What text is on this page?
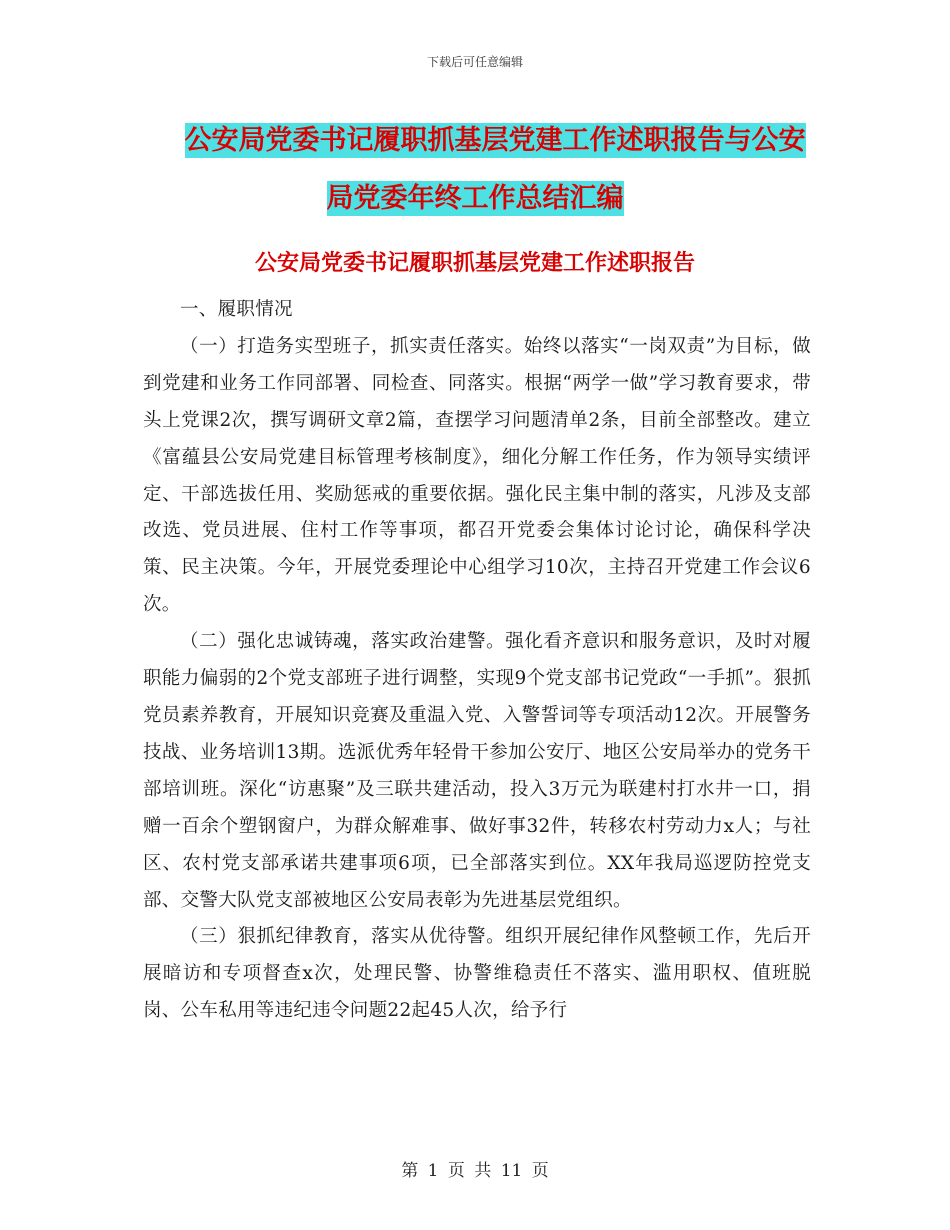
下载后可任意编辑
公安局党委书记履职抓基层党建工作述职报告与公安
局党委年终工作总结汇编
公安局党委书记履职抓基层党建工作述职报告

一、履职情况

（一）打造务实型班子，抓实责任落实。始终以落实“一岗双责”为目标，做到党建和业务工作同部署、同检查、同落实。根据“两学一做”学习教育要求，带头上党课2次，撰写调研文章2篇，查摆学习问题清单2条，目前全部整改。建立《富蕴县公安局党建目标管理考核制度》，细化分解工作任务，作为领导实绩评定、干部选拔任用、奖励惩戒的重要依据。强化民主集中制的落实，凡涉及支部改选、党员进展、住村工作等事项，都召开党委会集体讨论讨论，确保科学决策、民主决策。今年，开展党委理论中心组学习10次，主持召开党建工作会议6次。

（二）强化忠诚铸魂，落实政治建警。强化看齐意识和服务意识，及时对履职能力偏弱的2个党支部班子进行调整，实现9个党支部书记党政“一手抓”。狠抓党员素养教育，开展知识竞赛及重温入党、入警誓词等专项活动12次。开展警务技战、业务培训13期。选派优秀年轻骨干参加公安厅、地区公安局举办的党务干部培训班。深化“访惠聚”及三联共建活动，投入3万元为联建村打水井一口，捐赠一百余个塑钢窗户，为群众解难事、做好事32件，转移农村劳动力x人；与社区、农村党支部承诺共建事项6项，已全部落实到位。XX年我局巡逻防控党支部、交警大队党支部被地区公安局表彰为先进基层党组织。

（三）狠抓纪律教育，落实从优待警。组织开展纪律作风整顿工作，先后开展暗访和专项督查x次，处理民警、协警维稳责任不落实、滥用职权、值班脱岗、公车私用等违纪违令问题22起45人次，给予行

第 1 页 共 11 页
